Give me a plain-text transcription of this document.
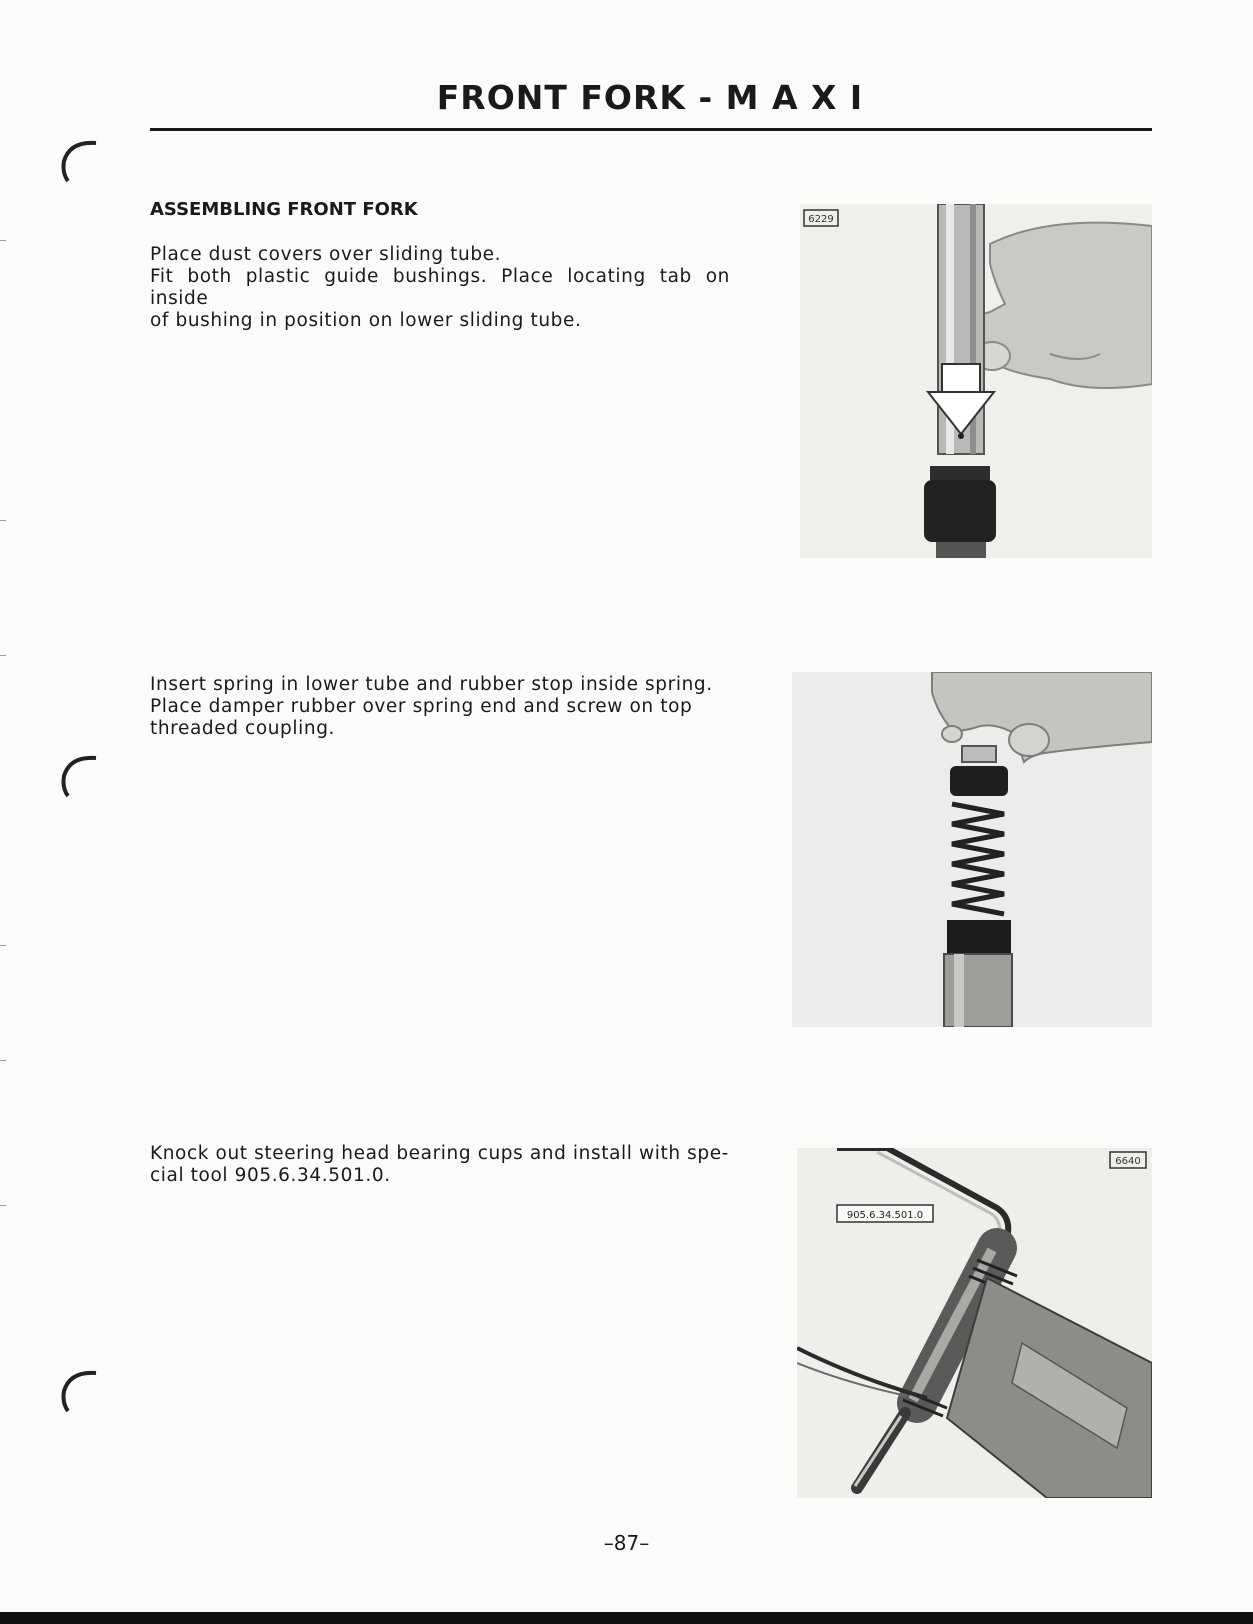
FRONT FORK - M A X I
ASSEMBLING FRONT FORK
Place dust covers over sliding tube.
Fit both plastic guide bushings. Place locating tab on inside
of bushing in position on lower sliding tube.
6229
Insert spring in lower tube and rubber stop inside spring.
Place damper rubber over spring end and screw on top
threaded coupling.
Knock out steering head bearing cups and install with spe-
cial tool 905.6.34.501.0.
905.6.34.501.0
6640
–87–
